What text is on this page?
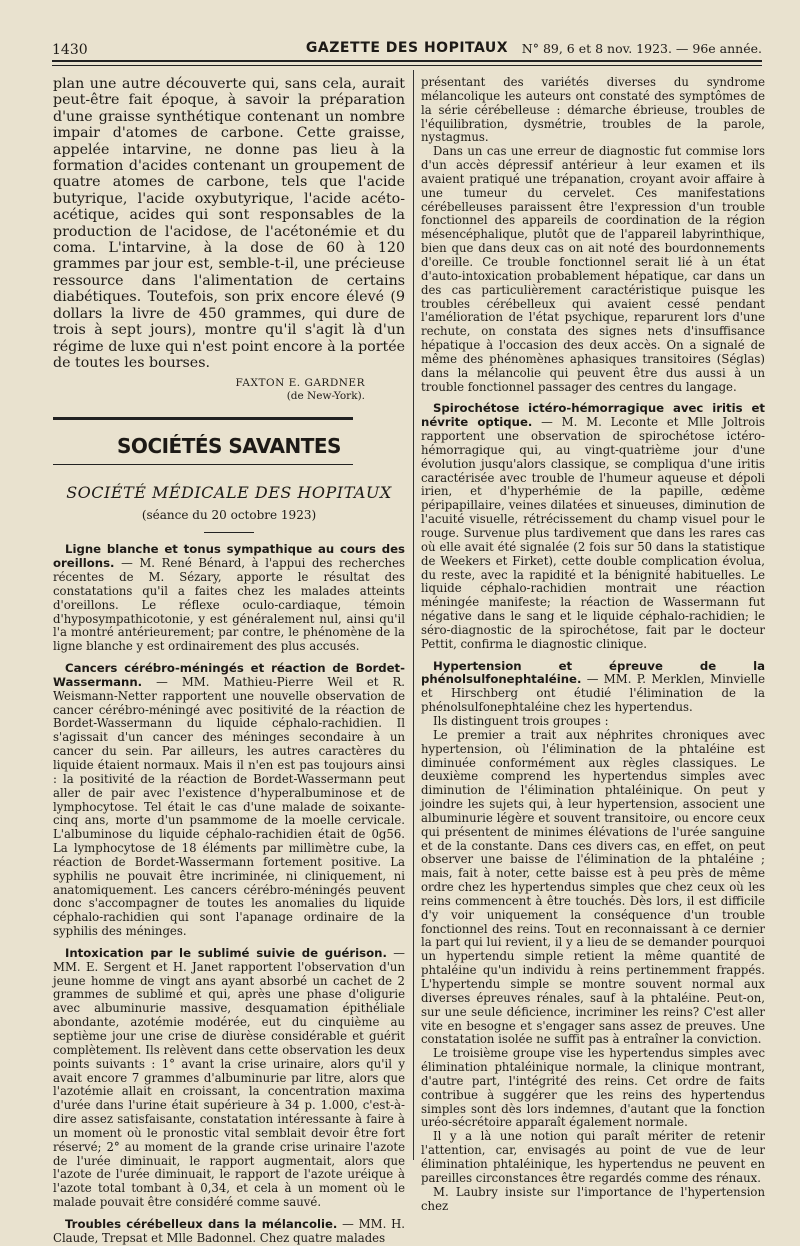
1430	GAZETTE DES HOPITAUX	N° 89, 6 et 8 nov. 1923. — 96e année.

plan une autre découverte qui, sans cela, aurait peut-être fait époque, à savoir la préparation d'une graisse synthétique contenant un nombre impair d'atomes de carbone. Cette graisse, appelée intarvine, ne donne pas lieu à la formation d'acides contenant un groupement de quatre atomes de carbone, tels que l'acide butyrique, l'acide oxybutyrique, l'acide acéto-acétique, acides qui sont responsables de la production de l'acidose, de l'acétonémie et du coma. L'intarvine, à la dose de 60 à 120 grammes par jour est, semble-t-il, une précieuse ressource dans l'alimentation de certains diabétiques. Toutefois, son prix encore élevé (9 dollars la livre de 450 grammes, qui dure de trois à sept jours), montre qu'il s'agit là d'un régime de luxe qui n'est point encore à la portée de toutes les bourses.

FAXTON E. GARDNER
(de New-York).
SOCIÉTÉS SAVANTES
SOCIÉTÉ MÉDICALE DES HOPITAUX
(séance du 20 octobre 1923)

Ligne blanche et tonus sympathique au cours des oreillons. — M. René Bénard, à l'appui des recherches récentes de M. Sézary, apporte le résultat des constatations qu'il a faites chez les malades atteints d'oreillons. Le réflexe oculo-cardiaque, témoin d'hyposympathicotonie, y est généralement nul, ainsi qu'il l'a montré antérieurement; par contre, le phénomène de la ligne blanche y est ordinairement des plus accusés.

Cancers cérébro-méningés et réaction de Bordet-Wassermann. — MM. Mathieu-Pierre Weil et R. Weismann-Netter rapportent une nouvelle observation de cancer cérébro-méningé avec positivité de la réaction de Bordet-Wassermann du liquide céphalo-rachidien. Il s'agissait d'un cancer des méninges secondaire à un cancer du sein. Par ailleurs, les autres caractères du liquide étaient normaux. Mais il n'en est pas toujours ainsi : la positivité de la réaction de Bordet-Wassermann peut aller de pair avec l'existence d'hyperalbuminose et de lymphocytose. Tel était le cas d'une malade de soixante-cinq ans, morte d'un psammome de la moelle cervicale. L'albuminose du liquide céphalo-rachidien était de 0g56. La lymphocytose de 18 éléments par millimètre cube, la réaction de Bordet-Wassermann fortement positive. La syphilis ne pouvait être incriminée, ni cliniquement, ni anatomiquement. Les cancers cérébro-méningés peuvent donc s'accompagner de toutes les anomalies du liquide céphalo-rachidien qui sont l'apanage ordinaire de la syphilis des méninges.

Intoxication par le sublimé suivie de guérison. — MM. E. Sergent et H. Janet rapportent l'observation d'un jeune homme de vingt ans ayant absorbé un cachet de 2 grammes de sublimé et qui, après une phase d'oligurie avec albuminurie massive, desquamation épithéliale abondante, azotémie modérée, eut du cinquième au septième jour une crise de diurèse considérable et guérit complètement. Ils relèvent dans cette observation les deux points suivants : 1° avant la crise urinaire, alors qu'il y avait encore 7 grammes d'albuminurie par litre, alors que l'azotémie allait en croissant, la concentration maxima d'urée dans l'urine était supérieure à 34 p. 1.000, c'est-à-dire assez satisfaisante, constatation intéressante à faire à un moment où le pronostic vital semblait devoir être fort réservé; 2° au moment de la grande crise urinaire l'azote de l'urée diminuait, le rapport augmentait, alors que l'azote de l'urée diminuait, le rapport de l'azote uréique à l'azote total tombant à 0,34, et cela à un moment où le malade pouvait être considéré comme sauvé.

Troubles cérébelleux dans la mélancolie. — MM. H. Claude, Trepsat et Mlle Badonnel. Chez quatre malades

présentant des variétés diverses du syndrome mélancolique les auteurs ont constaté des symptômes de la série cérébelleuse : démarche ébrieuse, troubles de l'équilibration, dysmétrie, troubles de la parole, nystagmus.

Dans un cas une erreur de diagnostic fut commise lors d'un accès dépressif antérieur à leur examen et ils avaient pratiqué une trépanation, croyant avoir affaire à une tumeur du cervelet. Ces manifestations cérébelleuses paraissent être l'expression d'un trouble fonctionnel des appareils de coordination de la région mésencéphalique, plutôt que de l'appareil labyrinthique, bien que dans deux cas on ait noté des bourdonnements d'oreille. Ce trouble fonctionnel serait lié à un état d'auto-intoxication probablement hépatique, car dans un des cas particulièrement caractéristique puisque les troubles cérébelleux qui avaient cessé pendant l'amélioration de l'état psychique, reparurent lors d'une rechute, on constata des signes nets d'insuffisance hépatique à l'occasion des deux accès. On a signalé de même des phénomènes aphasiques transitoires (Séglas) dans la mélancolie qui peuvent être dus aussi à un trouble fonctionnel passager des centres du langage.

Spirochétose ictéro-hémorragique avec iritis et névrite optique. — M. M. Leconte et Mlle Joltrois rapportent une observation de spirochétose ictéro-hémorragique qui, au vingt-quatrième jour d'une évolution jusqu'alors classique, se compliqua d'une iritis caractérisée avec trouble de l'humeur aqueuse et dépoli irien, et d'hyperhémie de la papille, œdème péripapillaire, veines dilatées et sinueuses, diminution de l'acuité visuelle, rétrécissement du champ visuel pour le rouge. Survenue plus tardivement que dans les rares cas où elle avait été signalée (2 fois sur 50 dans la statistique de Weekers et Firket), cette double complication évolua, du reste, avec la rapidité et la bénignité habituelles. Le liquide céphalo-rachidien montrait une réaction méningée manifeste; la réaction de Wassermann fut négative dans le sang et le liquide céphalo-rachidien; le séro-diagnostic de la spirochétose, fait par le docteur Pettit, confirma le diagnostic clinique.

Hypertension et épreuve de la phénolsulfonephtaléine. — MM. P. Merklen, Minvielle et Hirschberg ont étudié l'élimination de la phénolsulfonephtaléine chez les hypertendus.

Ils distinguent trois groupes :

Le premier a trait aux néphrites chroniques avec hypertension, où l'élimination de la phtaléine est diminuée conformément aux règles classiques. Le deuxième comprend les hypertendus simples avec diminution de l'élimination phtaléinique. On peut y joindre les sujets qui, à leur hypertension, associent une albuminurie légère et souvent transitoire, ou encore ceux qui présentent de minimes élévations de l'urée sanguine et de la constante. Dans ces divers cas, en effet, on peut observer une baisse de l'élimination de la phtaléine ; mais, fait à noter, cette baisse est à peu près de même ordre chez les hypertendus simples que chez ceux où les reins commencent à être touchés. Dès lors, il est difficile d'y voir uniquement la conséquence d'un trouble fonctionnel des reins. Tout en reconnaissant à ce dernier la part qui lui revient, il y a lieu de se demander pourquoi un hypertendu simple retient la même quantité de phtaléine qu'un individu à reins pertinemment frappés. L'hypertendu simple se montre souvent normal aux diverses épreuves rénales, sauf à la phtaléine. Peut-on, sur une seule déficience, incriminer les reins? C'est aller vite en besogne et s'engager sans assez de preuves. Une constatation isolée ne suffit pas à entraîner la conviction.

Le troisième groupe vise les hypertendus simples avec élimination phtaléinique normale, la clinique montrant, d'autre part, l'intégrité des reins. Cet ordre de faits contribue à suggérer que les reins des hypertendus simples sont dès lors indemnes, d'autant que la fonction uréo-sécrétoire apparaît également normale.

Il y a là une notion qui paraît mériter de retenir l'attention, car, envisagés au point de vue de leur élimination phtaléinique, les hypertendus ne peuvent en pareilles circonstances être regardés comme des rénaux.

M. Laubry insiste sur l'importance de l'hypertension chez
